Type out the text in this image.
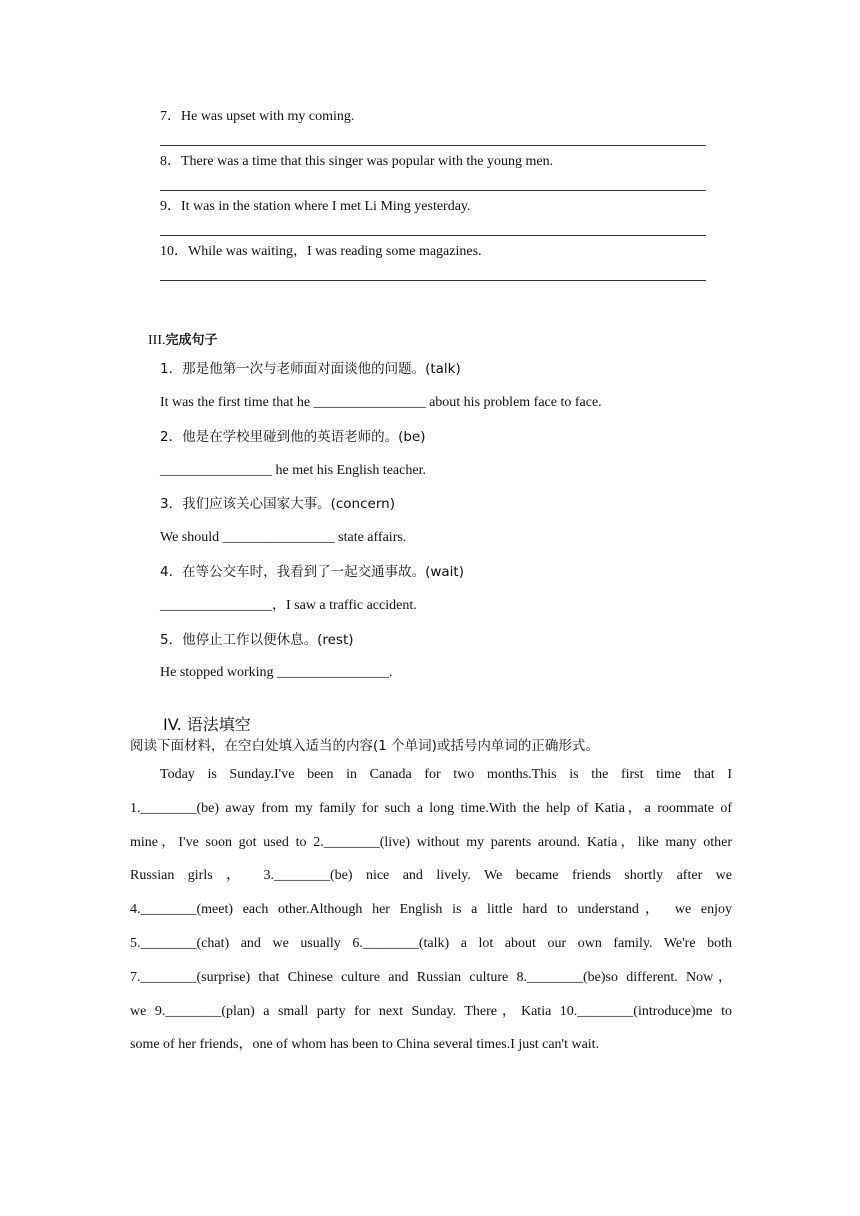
7．He was upset with my coming.
8．There was a time that this singer was popular with the young men.
9．It was in the station where I met Li Ming yesterday.
10．While was waiting，I was reading some magazines.
III.完成句子
1．那是他第一次与老师面对面谈他的问题。(talk)
It was the first time that he ________________ about his problem face to face.
2．他是在学校里碰到他的英语老师的。(be)
________________ he met his English teacher.
3．我们应该关心国家大事。(concern)
We should ________________ state affairs.
4．在等公交车时，我看到了一起交通事故。(wait)
________________，I saw a traffic accident.
5．他停止工作以便休息。(rest)
He stopped working ________________.
IV. 语法填空
阅读下面材料，在空白处填入适当的内容(1 个单词)或括号内单词的正确形式。
Today is Sunday.I've been in Canada for two months.This is the first time that I
1.________(be) away from my family for such a long time.With the help of Katia，a roommate of
mine，I've soon got used to 2.________(live) without my parents around. Katia，like many other
Russian girls ， 3.________(be) nice and lively. We became friends shortly after we
4.________(meet) each other.Although her English is a little hard to understand， we enjoy
5.________(chat) and we usually 6.________(talk) a lot about our own family. We're both
7.________(surprise) that Chinese culture and Russian culture 8.________(be)so different. Now，
we 9.________(plan) a small party for next Sunday. There，Katia 10.________(introduce)me to
some of her friends，one of whom has been to China several times.I just can't wait.
